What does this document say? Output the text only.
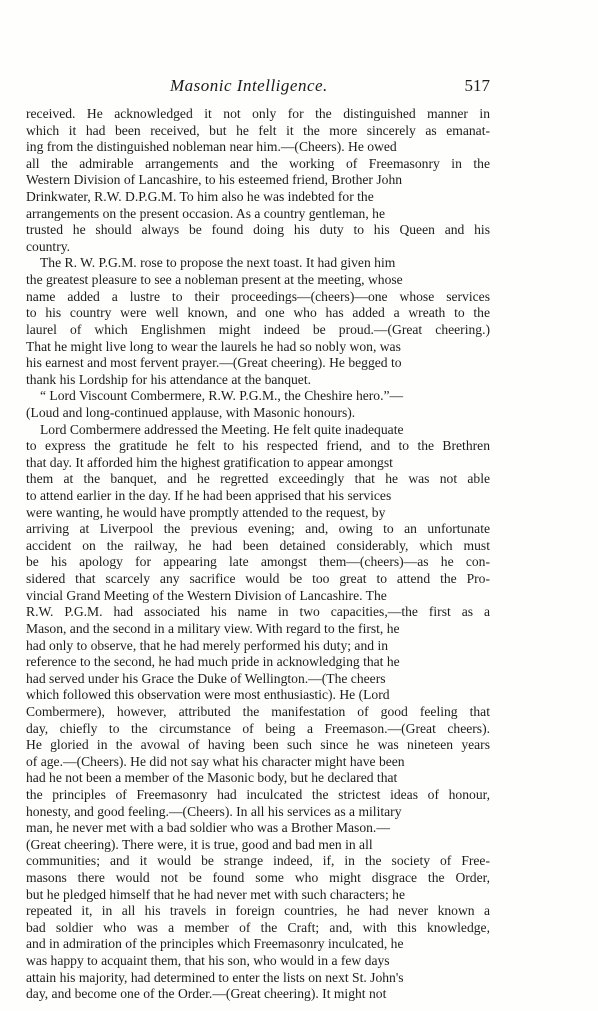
Masonic Intelligence.	517
received. He acknowledged it not only for the distinguished manner in
which it had been received, but he felt it the more sincerely as emanat-
ing from the distinguished nobleman near him.—(Cheers). He owed
all the admirable arrangements and the working of Freemasonry in the
Western Division of Lancashire, to his esteemed friend, Brother John
Drinkwater, R.W. D.P.G.M. To him also he was indebted for the
arrangements on the present occasion. As a country gentleman, he
trusted he should always be found doing his duty to his Queen and his
country.
The R. W. P.G.M. rose to propose the next toast. It had given him
the greatest pleasure to see a nobleman present at the meeting, whose
name added a lustre to their proceedings—(cheers)—one whose services
to his country were well known, and one who has added a wreath to the
laurel of which Englishmen might indeed be proud.—(Great cheering.)
That he might live long to wear the laurels he had so nobly won, was
his earnest and most fervent prayer.—(Great cheering). He begged to
thank his Lordship for his attendance at the banquet.
“ Lord Viscount Combermere, R.W. P.G.M., the Cheshire hero.”—
(Loud and long-continued applause, with Masonic honours).
Lord Combermere addressed the Meeting. He felt quite inadequate
to express the gratitude he felt to his respected friend, and to the Brethren
that day. It afforded him the highest gratification to appear amongst
them at the banquet, and he regretted exceedingly that he was not able
to attend earlier in the day. If he had been apprised that his services
were wanting, he would have promptly attended to the request, by
arriving at Liverpool the previous evening; and, owing to an unfortunate
accident on the railway, he had been detained considerably, which must
be his apology for appearing late amongst them—(cheers)—as he con-
sidered that scarcely any sacrifice would be too great to attend the Pro-
vincial Grand Meeting of the Western Division of Lancashire. The
R.W. P.G.M. had associated his name in two capacities,—the first as a
Mason, and the second in a military view. With regard to the first, he
had only to observe, that he had merely performed his duty; and in
reference to the second, he had much pride in acknowledging that he
had served under his Grace the Duke of Wellington.—(The cheers
which followed this observation were most enthusiastic). He (Lord
Combermere), however, attributed the manifestation of good feeling that
day, chiefly to the circumstance of being a Freemason.—(Great cheers).
He gloried in the avowal of having been such since he was nineteen years
of age.—(Cheers). He did not say what his character might have been
had he not been a member of the Masonic body, but he declared that
the principles of Freemasonry had inculcated the strictest ideas of honour,
honesty, and good feeling.—(Cheers). In all his services as a military
man, he never met with a bad soldier who was a Brother Mason.—
(Great cheering). There were, it is true, good and bad men in all
communities; and it would be strange indeed, if, in the society of Free-
masons there would not be found some who might disgrace the Order,
but he pledged himself that he had never met with such characters; he
repeated it, in all his travels in foreign countries, he had never known a
bad soldier who was a member of the Craft; and, with this knowledge,
and in admiration of the principles which Freemasonry inculcated, he
was happy to acquaint them, that his son, who would in a few days
attain his majority, had determined to enter the lists on next St. John's
day, and become one of the Order.—(Great cheering). It might not
